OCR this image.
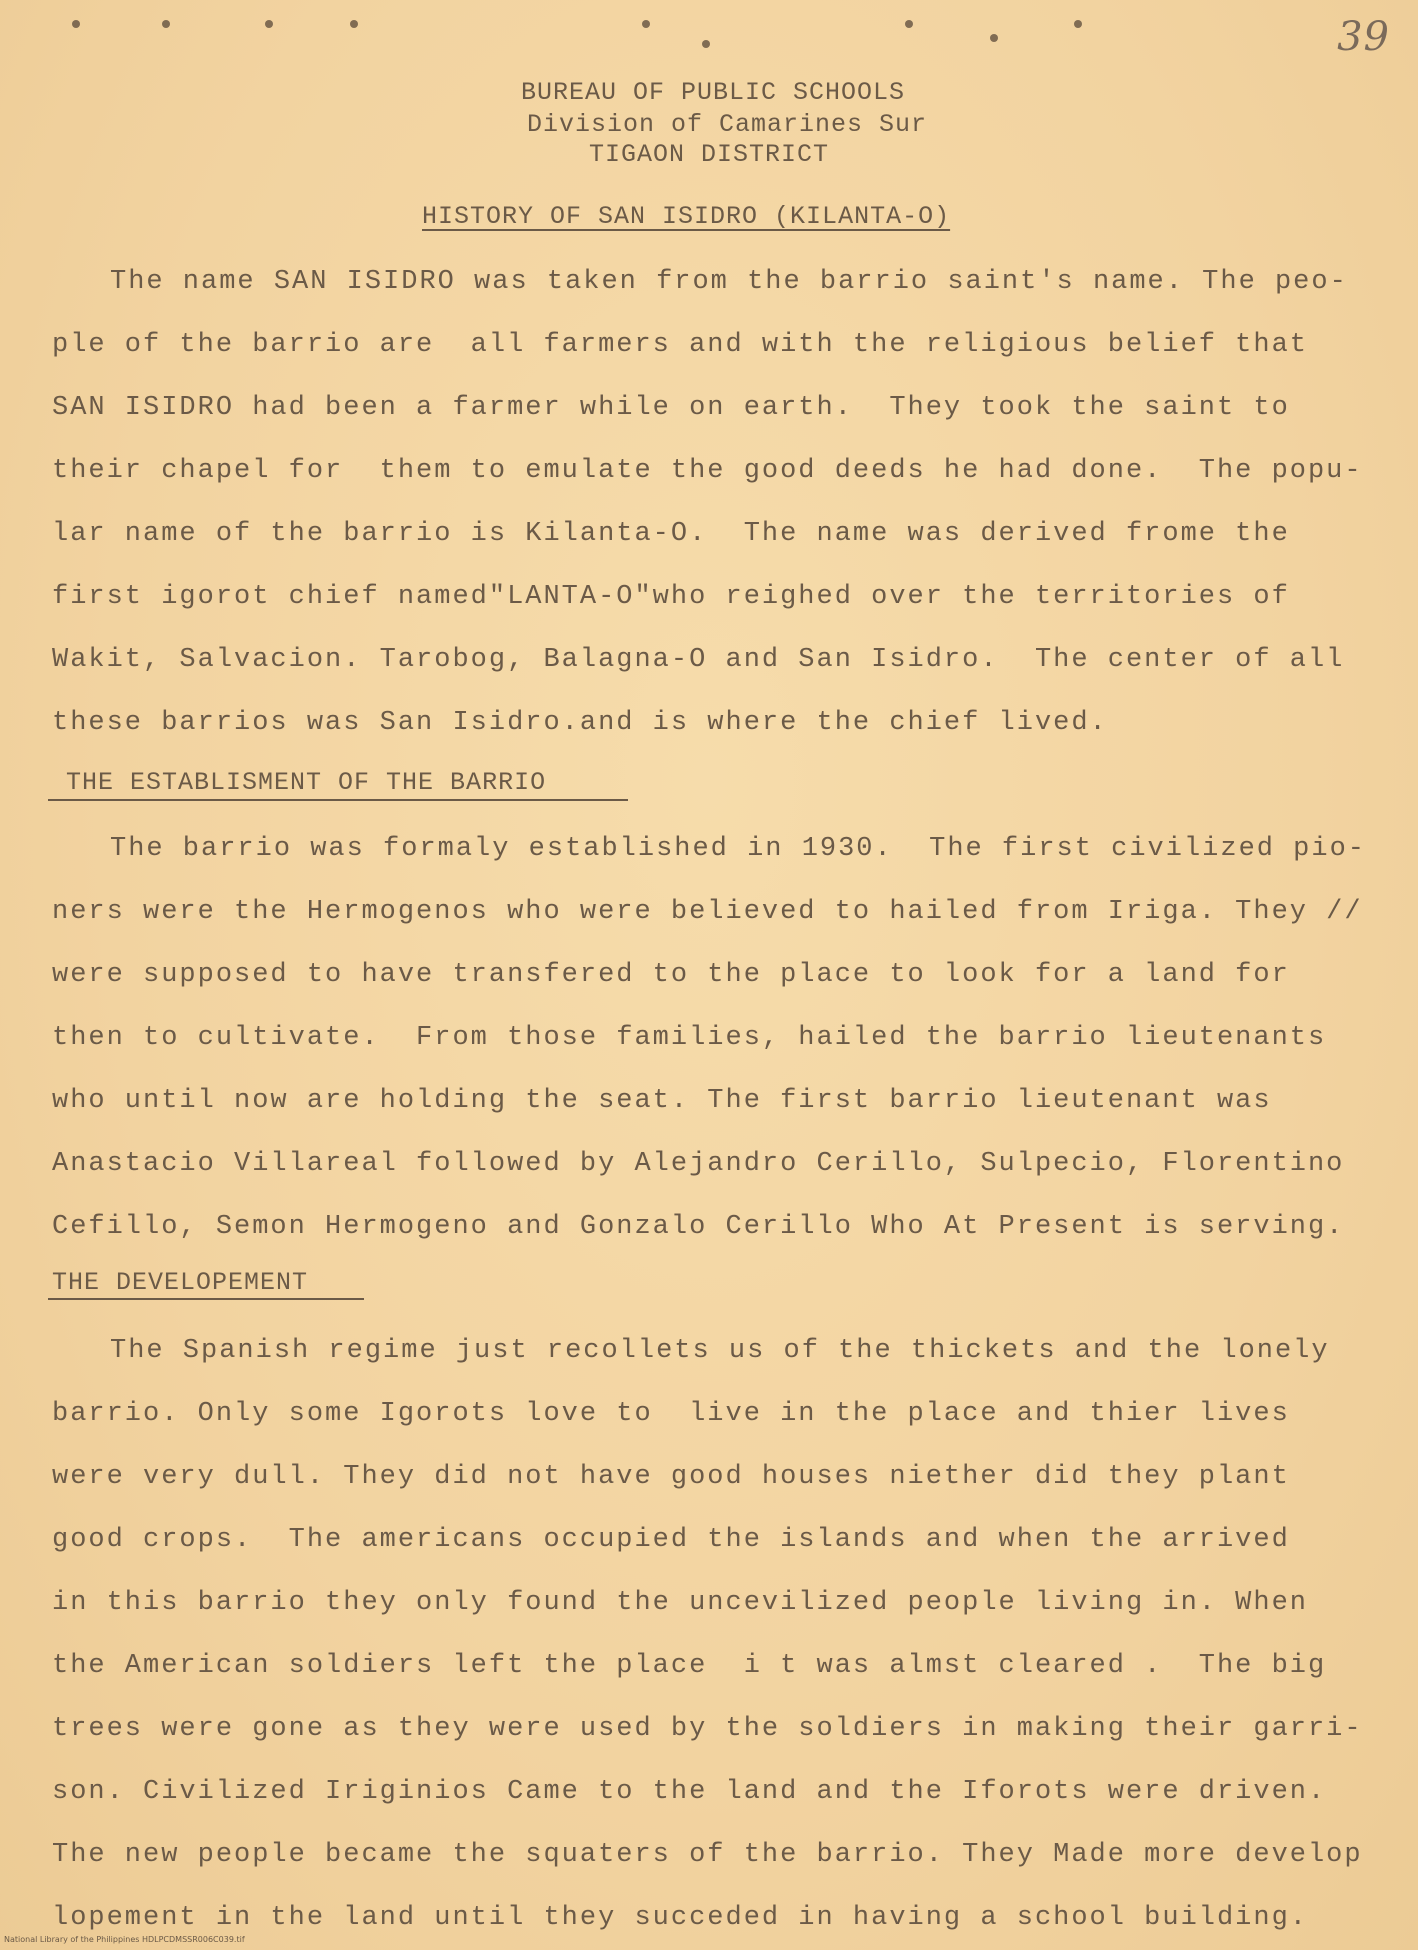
39
BUREAU OF PUBLIC SCHOOLS
Division of Camarines Sur
TIGAON DISTRICT
HISTORY OF SAN ISIDRO (KILANTA-O)
The name SAN ISIDRO was taken from the barrio saint's name. The peo-
ple of the barrio are  all farmers and with the religious belief that
SAN ISIDRO had been a farmer while on earth.  They took the saint to
their chapel for  them to emulate the good deeds he had done.  The popu-
lar name of the barrio is Kilanta-O.  The name was derived frome the
first igorot chief named"LANTA-O"who reighed over the territories of
Wakit, Salvacion. Tarobog, Balagna-O and San Isidro.  The center of all
these barrios was San Isidro.and is where the chief lived.
THE ESTABLISMENT OF THE BARRIO
The barrio was formaly established in 1930.  The first civilized pio-
ners were the Hermogenos who were believed to hailed from Iriga. They //
were supposed to have transfered to the place to look for a land for
then to cultivate.  From those families, hailed the barrio lieutenants
who until now are holding the seat. The first barrio lieutenant was
Anastacio Villareal followed by Alejandro Cerillo, Sulpecio, Florentino
Cefillo, Semon Hermogeno and Gonzalo Cerillo Who At Present is serving.
THE DEVELOPEMENT
The Spanish regime just recollets us of the thickets and the lonely
barrio. Only some Igorots love to  live in the place and thier lives
were very dull. They did not have good houses niether did they plant
good crops.  The americans occupied the islands and when the arrived
in this barrio they only found the uncevilized people living in. When
the American soldiers left the place  i t was almst cleared .  The big
trees were gone as they were used by the soldiers in making their garri-
son. Civilized Iriginios Came to the land and the Iforots were driven.
The new people became the squaters of the barrio. They Made more develop
lopement in the land until they succeded in having a school building.
National Library of the Philippines HDLPCDMSSR006C039.tif
